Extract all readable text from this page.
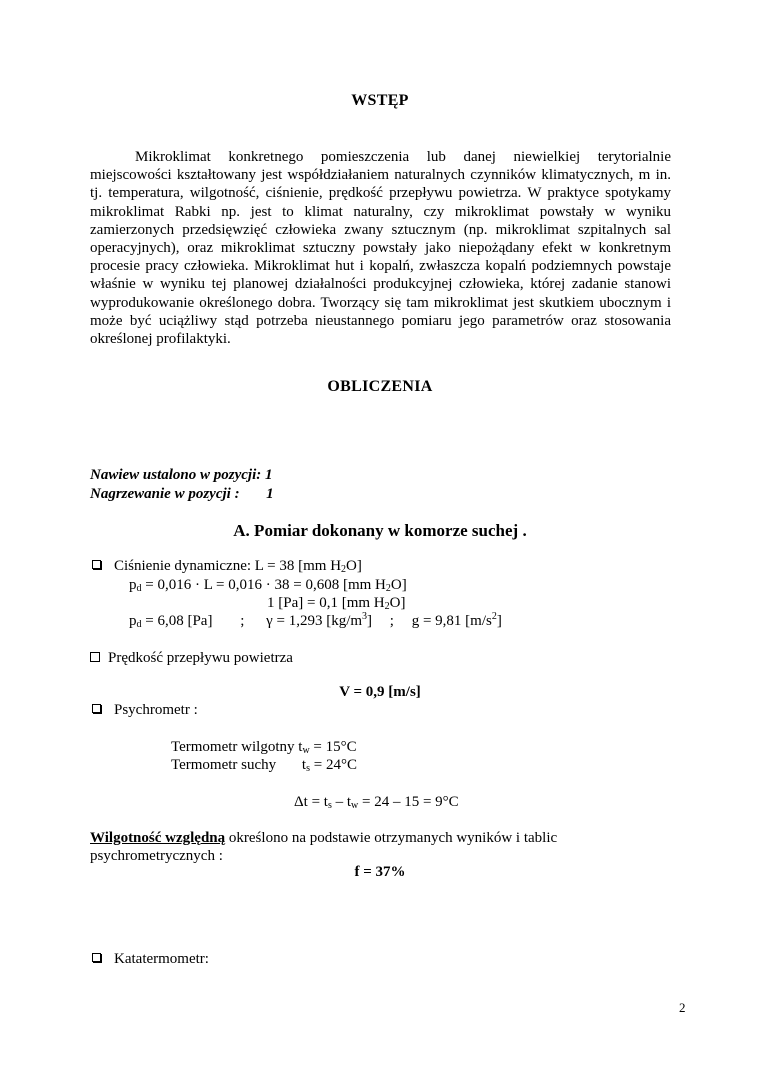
WSTĘP

Mikroklimat konkretnego pomieszczenia lub danej niewielkiej terytorialnie miejscowości kształtowany jest współdziałaniem naturalnych czynników klimatycznych, m in. tj. temperatura, wilgotność, ciśnienie, prędkość przepływu powietrza. W praktyce spotykamy mikroklimat Rabki np. jest to klimat naturalny, czy mikroklimat powstały w wyniku zamierzonych przedsięwzięć człowieka zwany sztucznym (np. mikroklimat szpitalnych sal operacyjnych), oraz mikroklimat sztuczny powstały jako niepożądany efekt w konkretnym procesie pracy człowieka. Mikroklimat hut i kopalń, zwłaszcza kopalń podziemnych powstaje właśnie w wyniku tej planowej działalności produkcyjnej człowieka, której zadanie stanowi wyprodukowanie określonego dobra. Tworzący się tam mikroklimat jest skutkiem ubocznym i może być uciążliwy stąd potrzeba nieustannego pomiaru jego parametrów oraz stosowania określonej profilaktyki.

OBLICZENIA
Nawiew ustalono w pozycji: 1
Nagrzewanie w pozycji : 1
A. Pomiar dokonany w komorze suchej .
Ciśnienie dynamiczne: L = 38 [mm $H_2O$]
$p_d = 0,016 \cdot L = 0,016 \cdot 38 = 0,608$ [mm $H_2O$]
1 [Pa] = 0,1 [mm $H_2O$]
$p_d = 6,08$ [Pa] ; γ = 1,293 $[kg/m^3]$ ; g = 9,81 $[m/s^2]$
Prędkość przepływu powietrza
V = 0,9 [m/s]
Psychrometr :
Termometr wilgotny $t_w = 15^\circ C$
Termometr suchy $t_s = 24^\circ C$
$\Delta t = t_s - t_w = 24 - 15 = 9^\circ C$
Wilgotność względną określono na podstawie otrzymanych wyników i tablic
psychrometrycznych :
f = 37%
Katatermometr:
2
